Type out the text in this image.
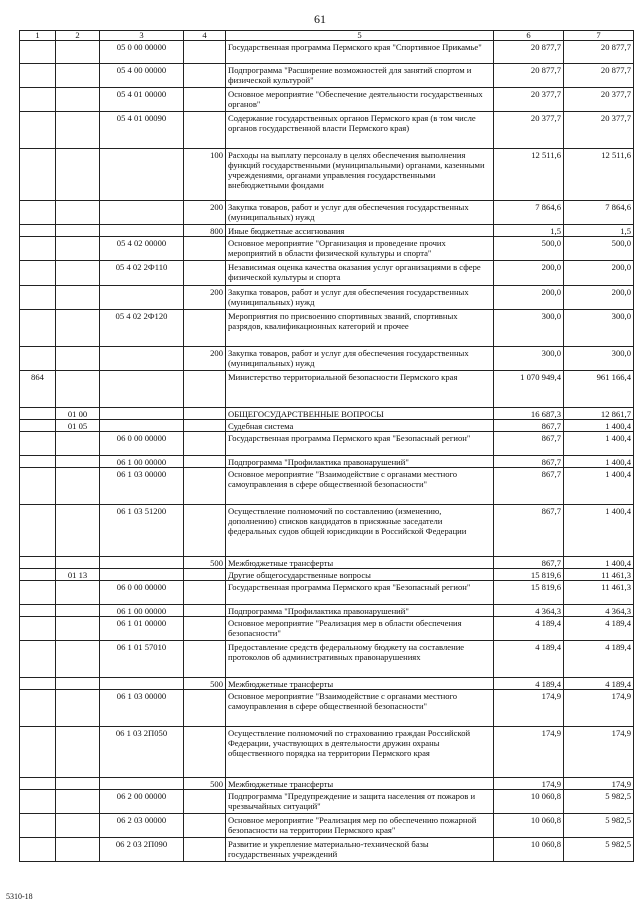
61
1	2	3	4	5	6	7
		05 0 00 00000		Государственная программа Пермского края "Спортивное Прикамье"	20 877,7	20 877,7
		05 4 00 00000		Подпрограмма "Расширение возможностей для занятий спортом и физической культурой"	20 877,7	20 877,7
		05 4 01 00000		Основное мероприятие "Обеспечение деятельности государственных органов"	20 377,7	20 377,7
		05 4 01 00090		Содержание государственных органов Пермского края (в том числе органов государственной власти Пермского края)	20 377,7	20 377,7
			100	Расходы на выплату персоналу в целях обеспечения выполнения функций государственными (муниципальными) органами, казенными учреждениями, органами управления государственными внебюджетными фондами	12 511,6	12 511,6
			200	Закупка товаров, работ и услуг для обеспечения государственных (муниципальных) нужд	7 864,6	7 864,6
			800	Иные бюджетные ассигнования	1,5	1,5
		05 4 02 00000		Основное мероприятие "Организация и проведение прочих мероприятий в области физической культуры и спорта"	500,0	500,0
		05 4 02 2Ф110		Независимая оценка качества оказания услуг организациями в сфере физической культуры и спорта	200,0	200,0
			200	Закупка товаров, работ и услуг для обеспечения государственных (муниципальных) нужд	200,0	200,0
		05 4 02 2Ф120		Мероприятия по присвоению спортивных званий, спортивных разрядов, квалификационных категорий и прочее	300,0	300,0
			200	Закупка товаров, работ и услуг для обеспечения государственных (муниципальных) нужд	300,0	300,0
864				Министерство территориальной безопасности Пермского края	1 070 949,4	961 166,4
	01 00			ОБЩЕГОСУДАРСТВЕННЫЕ ВОПРОСЫ	16 687,3	12 861,7
	01 05			Судебная система	867,7	1 400,4
		06 0 00 00000		Государственная программа Пермского края "Безопасный регион"	867,7	1 400,4
		06 1 00 00000		Подпрограмма "Профилактика правонарушений"	867,7	1 400,4
		06 1 03 00000		Основное мероприятие "Взаимодействие с органами местного самоуправления в сфере общественной безопасности"	867,7	1 400,4
		06 1 03 51200		Осуществление полномочий по составлению (изменению, дополнению) списков кандидатов в присяжные заседатели федеральных судов общей юрисдикции в Российской Федерации	867,7	1 400,4
			500	Межбюджетные трансферты	867,7	1 400,4
	01 13			Другие общегосударственные вопросы	15 819,6	11 461,3
		06 0 00 00000		Государственная программа Пермского края "Безопасный регион"	15 819,6	11 461,3
		06 1 00 00000		Подпрограмма "Профилактика правонарушений"	4 364,3	4 364,3
		06 1 01 00000		Основное мероприятие "Реализация мер в области обеспечения безопасности"	4 189,4	4 189,4
		06 1 01 57010		Предоставление средств федеральному бюджету на составление протоколов об административных правонарушениях	4 189,4	4 189,4
			500	Межбюджетные трансферты	4 189,4	4 189,4
		06 1 03 00000		Основное мероприятие "Взаимодействие с органами местного самоуправления в сфере общественной безопасности"	174,9	174,9
		06 1 03 2П050		Осуществление полномочий по страхованию граждан Российской Федерации, участвующих в деятельности дружин охраны общественного порядка на территории Пермского края	174,9	174,9
			500	Межбюджетные трансферты	174,9	174,9
		06 2 00 00000		Подпрограмма "Предупреждение и защита населения от пожаров и чрезвычайных ситуаций"	10 060,8	5 982,5
		06 2 03 00000		Основное мероприятие "Реализация мер по обеспечению пожарной безопасности на территории Пермского края"	10 060,8	5 982,5
		06 2 03 2П090		Развитие и укрепление материально-технической базы государственных учреждений	10 060,8	5 982,5
5310-18
